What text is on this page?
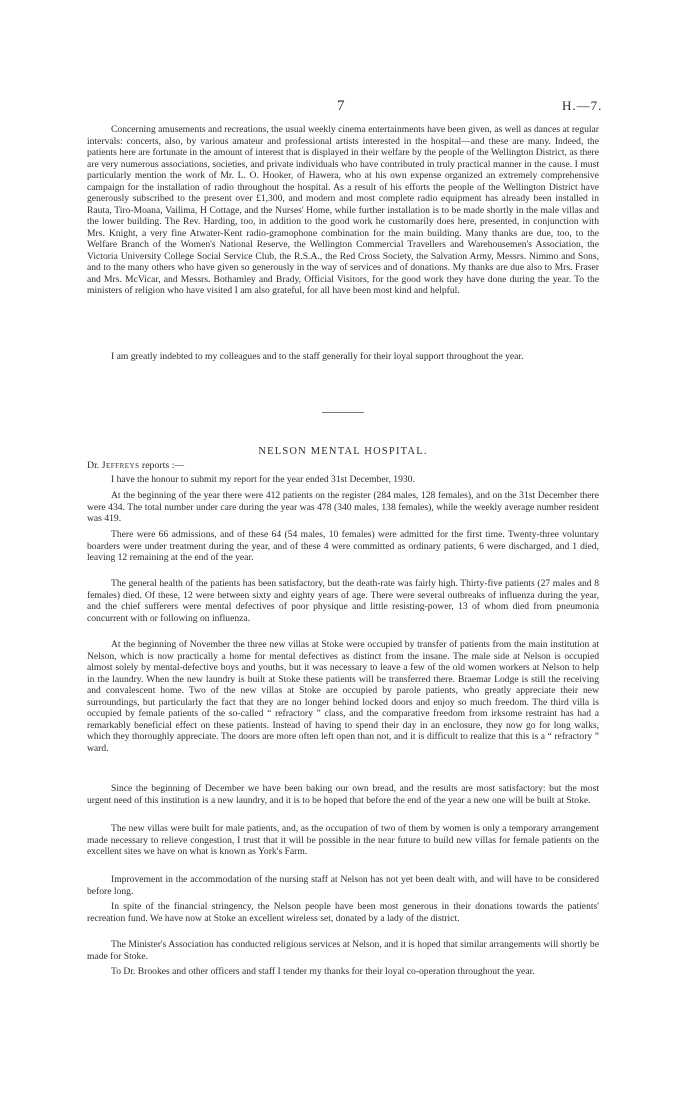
7	H.—7.

Concerning amusements and recreations, the usual weekly cinema entertainments have been given, as well as dances at regular intervals: concerts, also, by various amateur and professional artists interested in the hospital—and these are many. Indeed, the patients here are fortunate in the amount of interest that is displayed in their welfare by the people of the Wellington District, as there are very numerous associations, societies, and private individuals who have contributed in truly practical manner in the cause. I must particularly mention the work of Mr. L. O. Hooker, of Hawera, who at his own expense organized an extremely comprehensive campaign for the installation of radio throughout the hospital. As a result of his efforts the people of the Wellington District have generously subscribed to the present over £1,300, and modern and most complete radio equipment has already been installed in Rauta, Tiro-Moana, Vailima, H Cottage, and the Nurses' Home, while further installation is to be made shortly in the male villas and the lower building. The Rev. Harding, too, in addition to the good work he customarily does here, presented, in conjunction with Mrs. Knight, a very fine Atwater-Kent radio-gramophone combination for the main building. Many thanks are due, too, to the Welfare Branch of the Women's National Reserve, the Wellington Commercial Travellers and Warehousemen's Association, the Victoria University College Social Service Club, the R.S.A., the Red Cross Society, the Salvation Army, Messrs. Nimmo and Sons, and to the many others who have given so generously in the way of services and of donations. My thanks are due also to Mrs. Fraser and Mrs. McVicar, and Messrs. Bothamley and Brady, Official Visitors, for the good work they have done during the year. To the ministers of religion who have visited I am also grateful, for all have been most kind and helpful.

I am greatly indebted to my colleagues and to the staff generally for their loyal support throughout the year.

NELSON MENTAL HOSPITAL.

Dr. Jeffreys reports :—

I have the honour to submit my report for the year ended 31st December, 1930.

At the beginning of the year there were 412 patients on the register (284 males, 128 females), and on the 31st December there were 434. The total number under care during the year was 478 (340 males, 138 females), while the weekly average number resident was 419.

There were 66 admissions, and of these 64 (54 males, 10 females) were admitted for the first time. Twenty-three voluntary boarders were under treatment during the year, and of these 4 were committed as ordinary patients, 6 were discharged, and 1 died, leaving 12 remaining at the end of the year.

The general health of the patients has been satisfactory, but the death-rate was fairly high. Thirty-five patients (27 males and 8 females) died. Of these, 12 were between sixty and eighty years of age. There were several outbreaks of influenza during the year, and the chief sufferers were mental defectives of poor physique and little resisting-power, 13 of whom died from pneumonia concurrent with or following on influenza.

At the beginning of November the three new villas at Stoke were occupied by transfer of patients from the main institution at Nelson, which is now practically a home for mental defectives as distinct from the insane. The male side at Nelson is occupied almost solely by mental-defective boys and youths, but it was necessary to leave a few of the old women workers at Nelson to help in the laundry. When the new laundry is built at Stoke these patients will be transferred there. Braemar Lodge is still the receiving and convalescent home. Two of the new villas at Stoke are occupied by parole patients, who greatly appreciate their new surroundings, but particularly the fact that they are no longer behind locked doors and enjoy so much freedom. The third villa is occupied by female patients of the so-called “ refractory ” class, and the comparative freedom from irksome restraint has had a remarkably beneficial effect on these patients. Instead of having to spend their day in an enclosure, they now go for long walks, which they thoroughly appreciate. The doors are more often left open than not, and it is difficult to realize that this is a “ refractory ” ward.

Since the beginning of December we have been baking our own bread, and the results are most satisfactory: but the most urgent need of this institution is a new laundry, and it is to be hoped that before the end of the year a new one will be built at Stoke.

The new villas were built for male patients, and, as the occupation of two of them by women is only a temporary arrangement made necessary to relieve congestion, I trust that it will be possible in the near future to build new villas for female patients on the excellent sites we have on what is known as York's Farm.

Improvement in the accommodation of the nursing staff at Nelson has not yet been dealt with, and will have to be considered before long.

In spite of the financial stringency, the Nelson people have been most generous in their donations towards the patients' recreation fund. We have now at Stoke an excellent wireless set, donated by a lady of the district.

The Minister's Association has conducted religious services at Nelson, and it is hoped that similar arrangements will shortly be made for Stoke.

To Dr. Brookes and other officers and staff I tender my thanks for their loyal co-operation throughout the year.
